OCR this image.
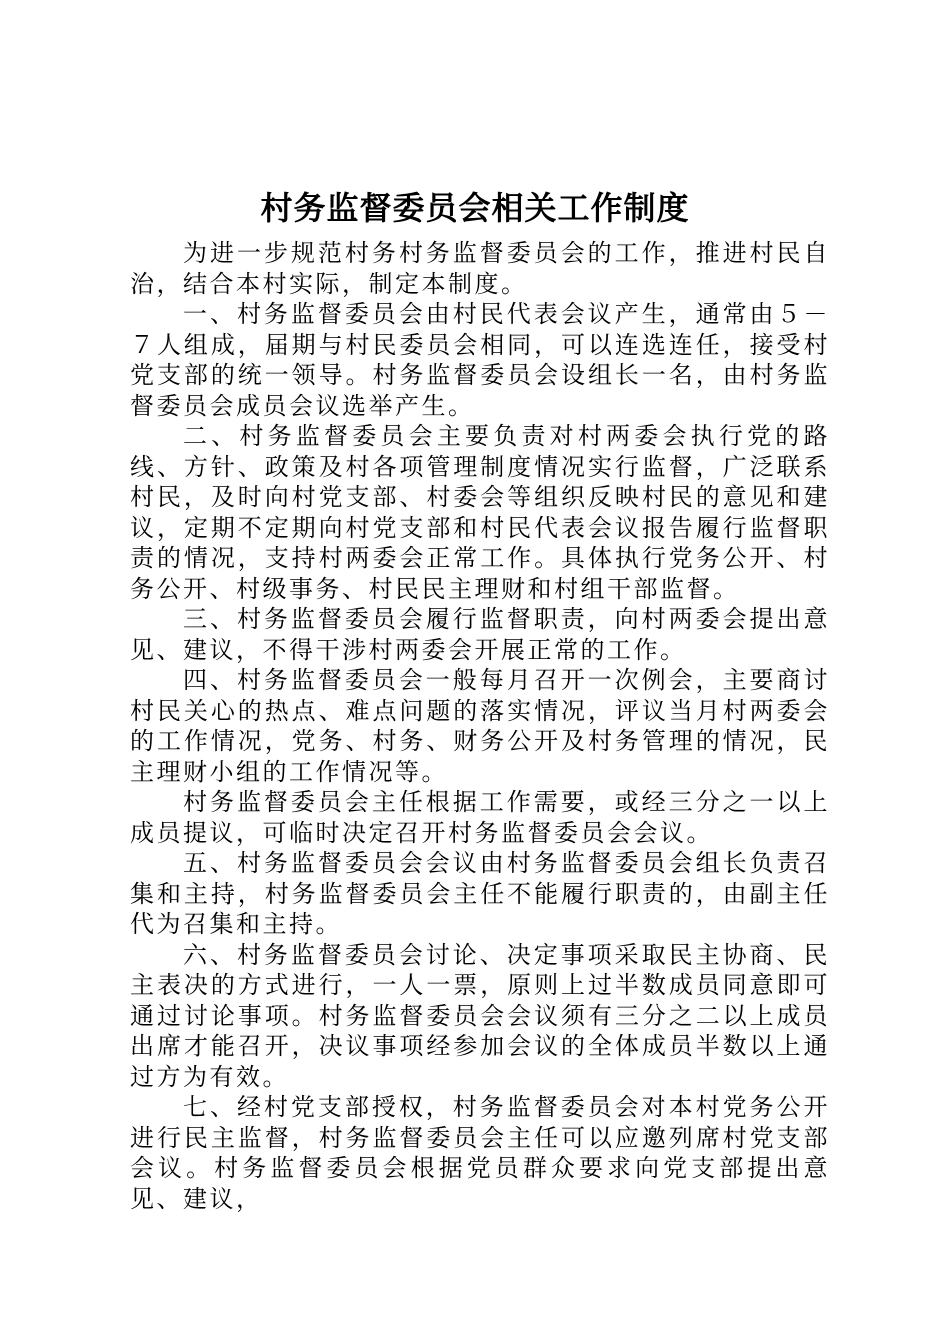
村务监督委员会相关工作制度

为进一步规范村务村务监督委员会的工作，推进村民自治，结合本村实际，制定本制度。

一、村务监督委员会由村民代表会议产生，通常由５－７人组成，届期与村民委员会相同，可以连选连任，接受村党支部的统一领导。村务监督委员会设组长一名，由村务监督委员会成员会议选举产生。

二、村务监督委员会主要负责对村两委会执行党的路线、方针、政策及村各项管理制度情况实行监督，广泛联系村民，及时向村党支部、村委会等组织反映村民的意见和建议，定期不定期向村党支部和村民代表会议报告履行监督职责的情况，支持村两委会正常工作。具体执行党务公开、村务公开、村级事务、村民民主理财和村组干部监督。

三、村务监督委员会履行监督职责，向村两委会提出意见、建议，不得干涉村两委会开展正常的工作。

四、村务监督委员会一般每月召开一次例会，主要商讨村民关心的热点、难点问题的落实情况，评议当月村两委会的工作情况，党务、村务、财务公开及村务管理的情况，民主理财小组的工作情况等。

村务监督委员会主任根据工作需要，或经三分之一以上成员提议，可临时决定召开村务监督委员会会议。

五、村务监督委员会会议由村务监督委员会组长负责召集和主持，村务监督委员会主任不能履行职责的，由副主任代为召集和主持。

六、村务监督委员会讨论、决定事项采取民主协商、民主表决的方式进行，一人一票，原则上过半数成员同意即可通过讨论事项。村务监督委员会会议须有三分之二以上成员出席才能召开，决议事项经参加会议的全体成员半数以上通过方为有效。

七、经村党支部授权，村务监督委员会对本村党务公开进行民主监督，村务监督委员会主任可以应邀列席村党支部会议。村务监督委员会根据党员群众要求向党支部提出意见、建议，
